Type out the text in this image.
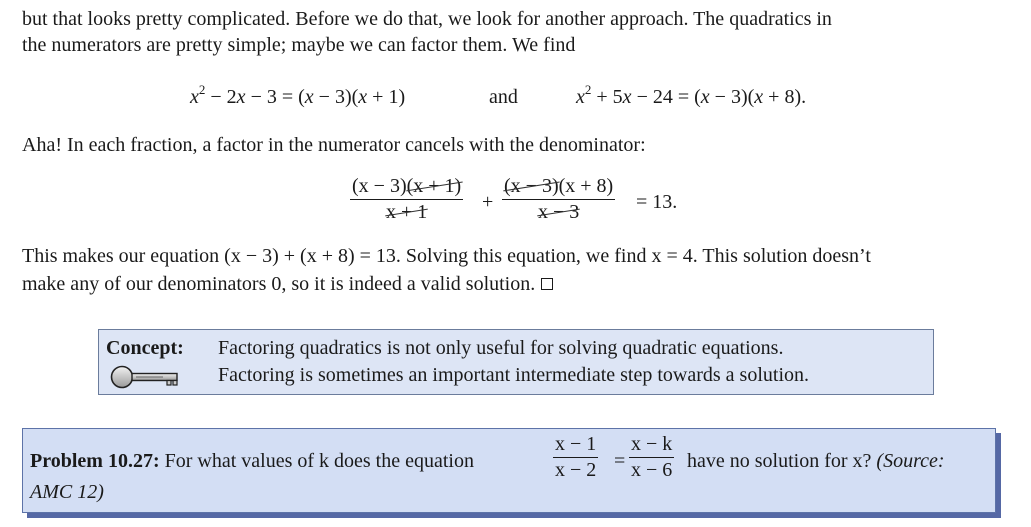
but that looks pretty complicated. Before we do that, we look for another approach. The quadratics in
the numerators are pretty simple; maybe we can factor them. We find
$x^2 - 2x - 3 = (x - 3)(x + 1)$	and	$x^2 + 5x - 24 = (x - 3)(x + 8)$.
Aha! In each fraction, a factor in the numerator cancels with the denominator:
(x − 3)(x + 1)
x + 1	+
(x − 3)(x + 8)
x − 3	= 13.
This makes our equation (x − 3) + (x + 8) = 13. Solving this equation, we find x = 4. This solution doesn’t
make any of our denominators 0, so it is indeed a valid solution.
Concept: Factoring quadratics is not only useful for solving quadratic equations.
Factoring is sometimes an important intermediate step towards a solution.
Problem 10.27: For what values of k does the equation
x − 1
x − 2 =
x − k
x − 6 have no solution for x? (Source:
AMC 12)
